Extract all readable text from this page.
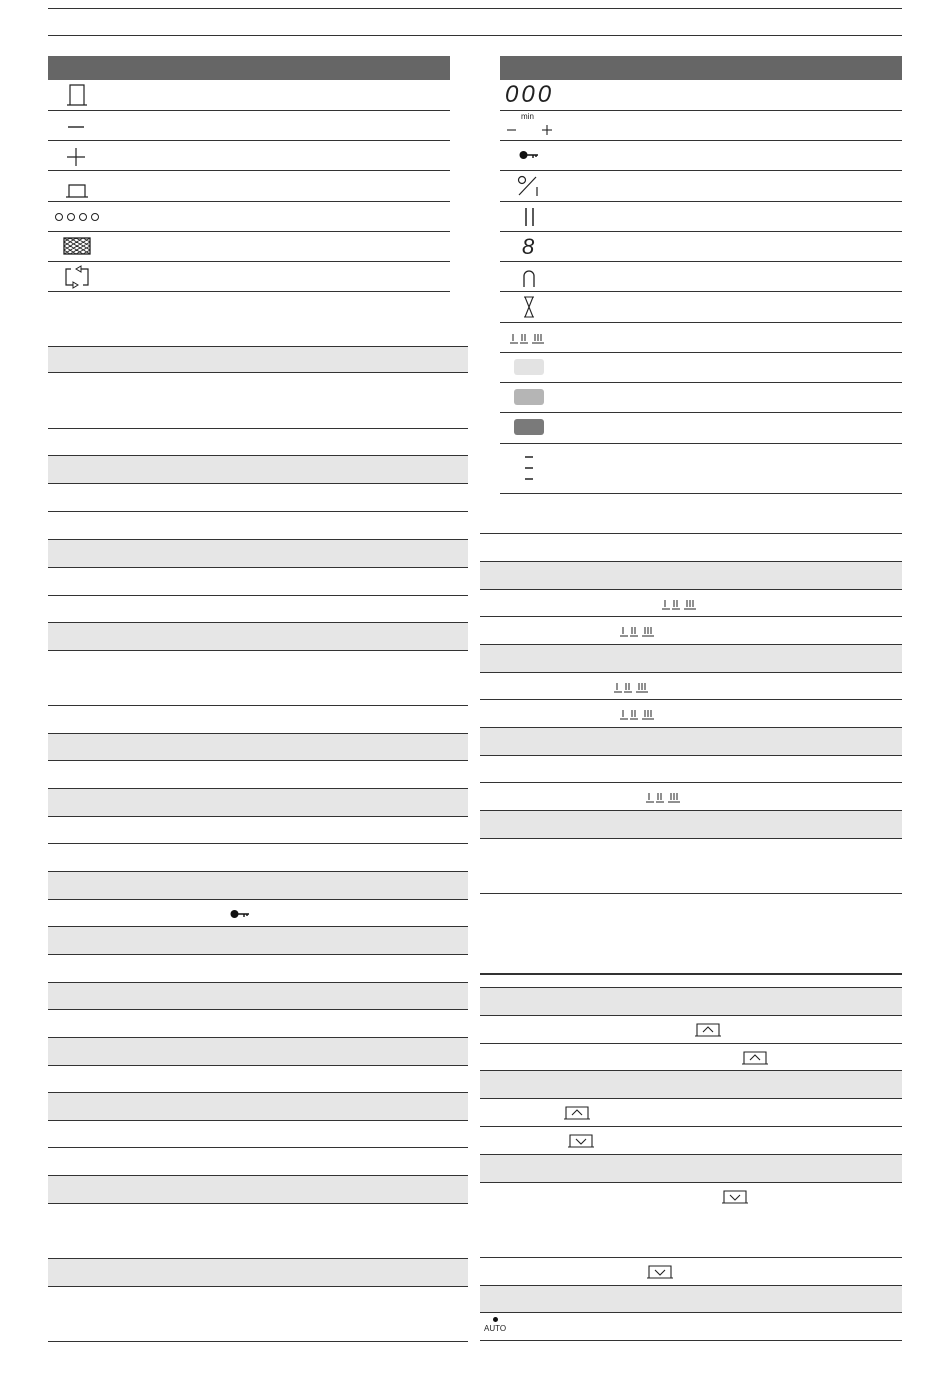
000
min
8
AUTO
